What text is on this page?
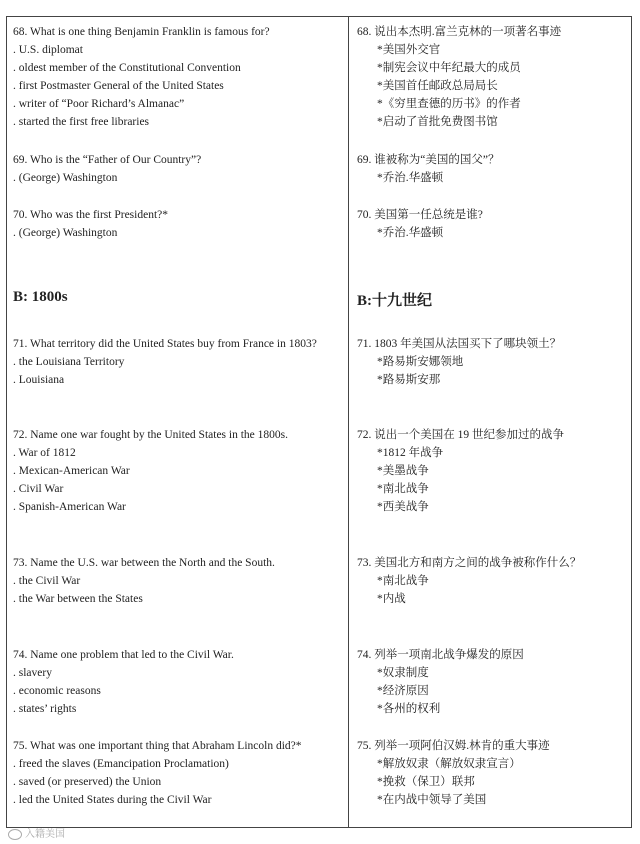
68. What is one thing Benjamin Franklin is famous for?
. U.S. diplomat
. oldest member of the Constitutional Convention
. first Postmaster General of the United States
. writer of “Poor Richard’s Almanac”
. started the first free libraries
69. Who is the “Father of Our Country”?
. (George) Washington
70. Who was the first President?*
. (George) Washington
B: 1800s
71. What territory did the United States buy from France in 1803?
. the Louisiana Territory
. Louisiana
72. Name one war fought by the United States in the 1800s.
. War of 1812
. Mexican-American War
. Civil War
. Spanish-American War
73. Name the U.S. war between the North and the South.
. the Civil War
. the War between the States
74. Name one problem that led to the Civil War.
. slavery
. economic reasons
. states’ rights
75. What was one important thing that Abraham Lincoln did?*
. freed the slaves (Emancipation Proclamation)
. saved (or preserved) the Union
. led the United States during the Civil War
68. 说出本杰明.富兰克林的一项著名事迹
*美国外交官
*制宪会议中年纪最大的成员
*美国首任邮政总局局长
*《穷里查德的历书》的作者
*启动了首批免费图书馆
69. 谁被称为“美国的国父”？
*乔治.华盛顿
70. 美国第一任总统是谁?
*乔治.华盛顿
B:十九世纪
71. 1803 年美国从法国买下了哪块领土？
*路易斯安娜领地
*路易斯安那
72. 说出一个美国在 19 世纪参加过的战争
*1812 年战争
*美墨战争
*南北战争
*西美战争
73. 美国北方和南方之间的战争被称作什么？
*南北战争
*内战
74. 列举一项南北战争爆发的原因
*奴隶制度
*经济原因
*各州的权利
75. 列举一项阿伯汉姆.林肯的重大事迹
*解放奴隶（解放奴隶宣言）
*挽救（保卫）联邦
*在内战中领导了美国
入籍美国
